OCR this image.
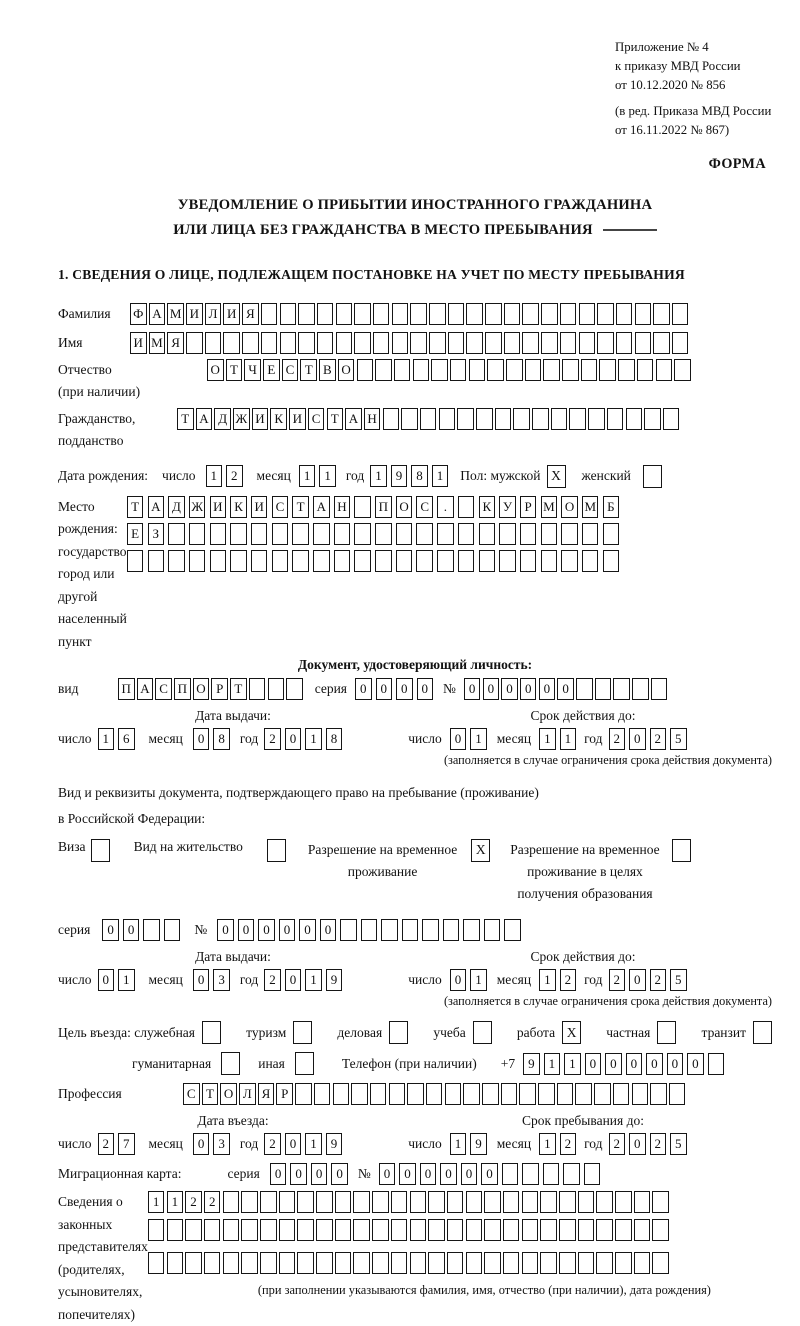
Приложение № 4
к приказу МВД России
от 10.12.2020 № 856
(в ред. Приказа МВД России
от 16.11.2022 № 867)
ФОРМА
УВЕДОМЛЕНИЕ О ПРИБЫТИИ ИНОСТРАННОГО ГРАЖДАНИНА
ИЛИ ЛИЦА БЕЗ ГРАЖДАНСТВА В МЕСТО ПРЕБЫВАНИЯ
1. СВЕДЕНИЯ О ЛИЦЕ, ПОДЛЕЖАЩЕМ ПОСТАНОВКЕ НА УЧЕТ ПО МЕСТУ ПРЕБЫВАНИЯ
Фамилия	Ф А М И Л И Я
Имя	И М Я
Отчество
(при наличии)
О Т Ч Е С Т В О
Гражданство,
подданство
Т А Д Ж И К И С Т А Н
Дата рождения: число	1	2	месяц	1	1	год 1	9	8	1	Пол: мужской X	женский
Место рождения:
государство
город или другой
населенный пункт
Т А Д Ж И К И С Т А Н П О С	.	К У Р М О М Б

Е	З

Документ, удостоверяющий личность:
вид	П А С П О Р Т	серия	0	0	0	0	№	0 0 0 0 0 0
Дата выдачи:	Срок действия до:
число 1	6	месяц	0	8	год 2	0	1	8	число	0	1	месяц	1	1 год 2	0	2	5
(заполняется в случае ограничения срока действия документа)
Вид и реквизиты документа, подтверждающего право на пребывание (проживание)
в Российской Федерации:
Виза	Вид на жительство	Разрешение на временное
проживание
X	Разрешение на временное
проживание в целях
получения образования
серия	0	0	№	0	0	0	0	0	0
Дата выдачи:	Срок действия до:
число 0	1	месяц	0	3	год 2	0	1	9	число	0	1	месяц	1	2 год 2	0	2	5
(заполняется в случае ограничения срока действия документа)
Цель въезда: служебная	туризм	деловая	учеба	работа X	частная	транзит
гуманитарная	иная	Телефон (при наличии) +7	9	1	1	0	0	0	0	0	0
Профессия	С Т О Л Я Р
Дата въезда:	Срок пребывания до:
число 2	7	месяц	0	3	год 2	0	1	9	число	1	9	месяц	1	2 год 2	0	2	5
Миграционная карта:	серия	0	0	0	0	№	0	0	0	0	0	0
Сведения о
законных
представителях
(родителях,
усыновителях,
попечителях)
1 1 2 2

(при заполнении указываются фамилия, имя, отчество (при наличии), дата рождения)
